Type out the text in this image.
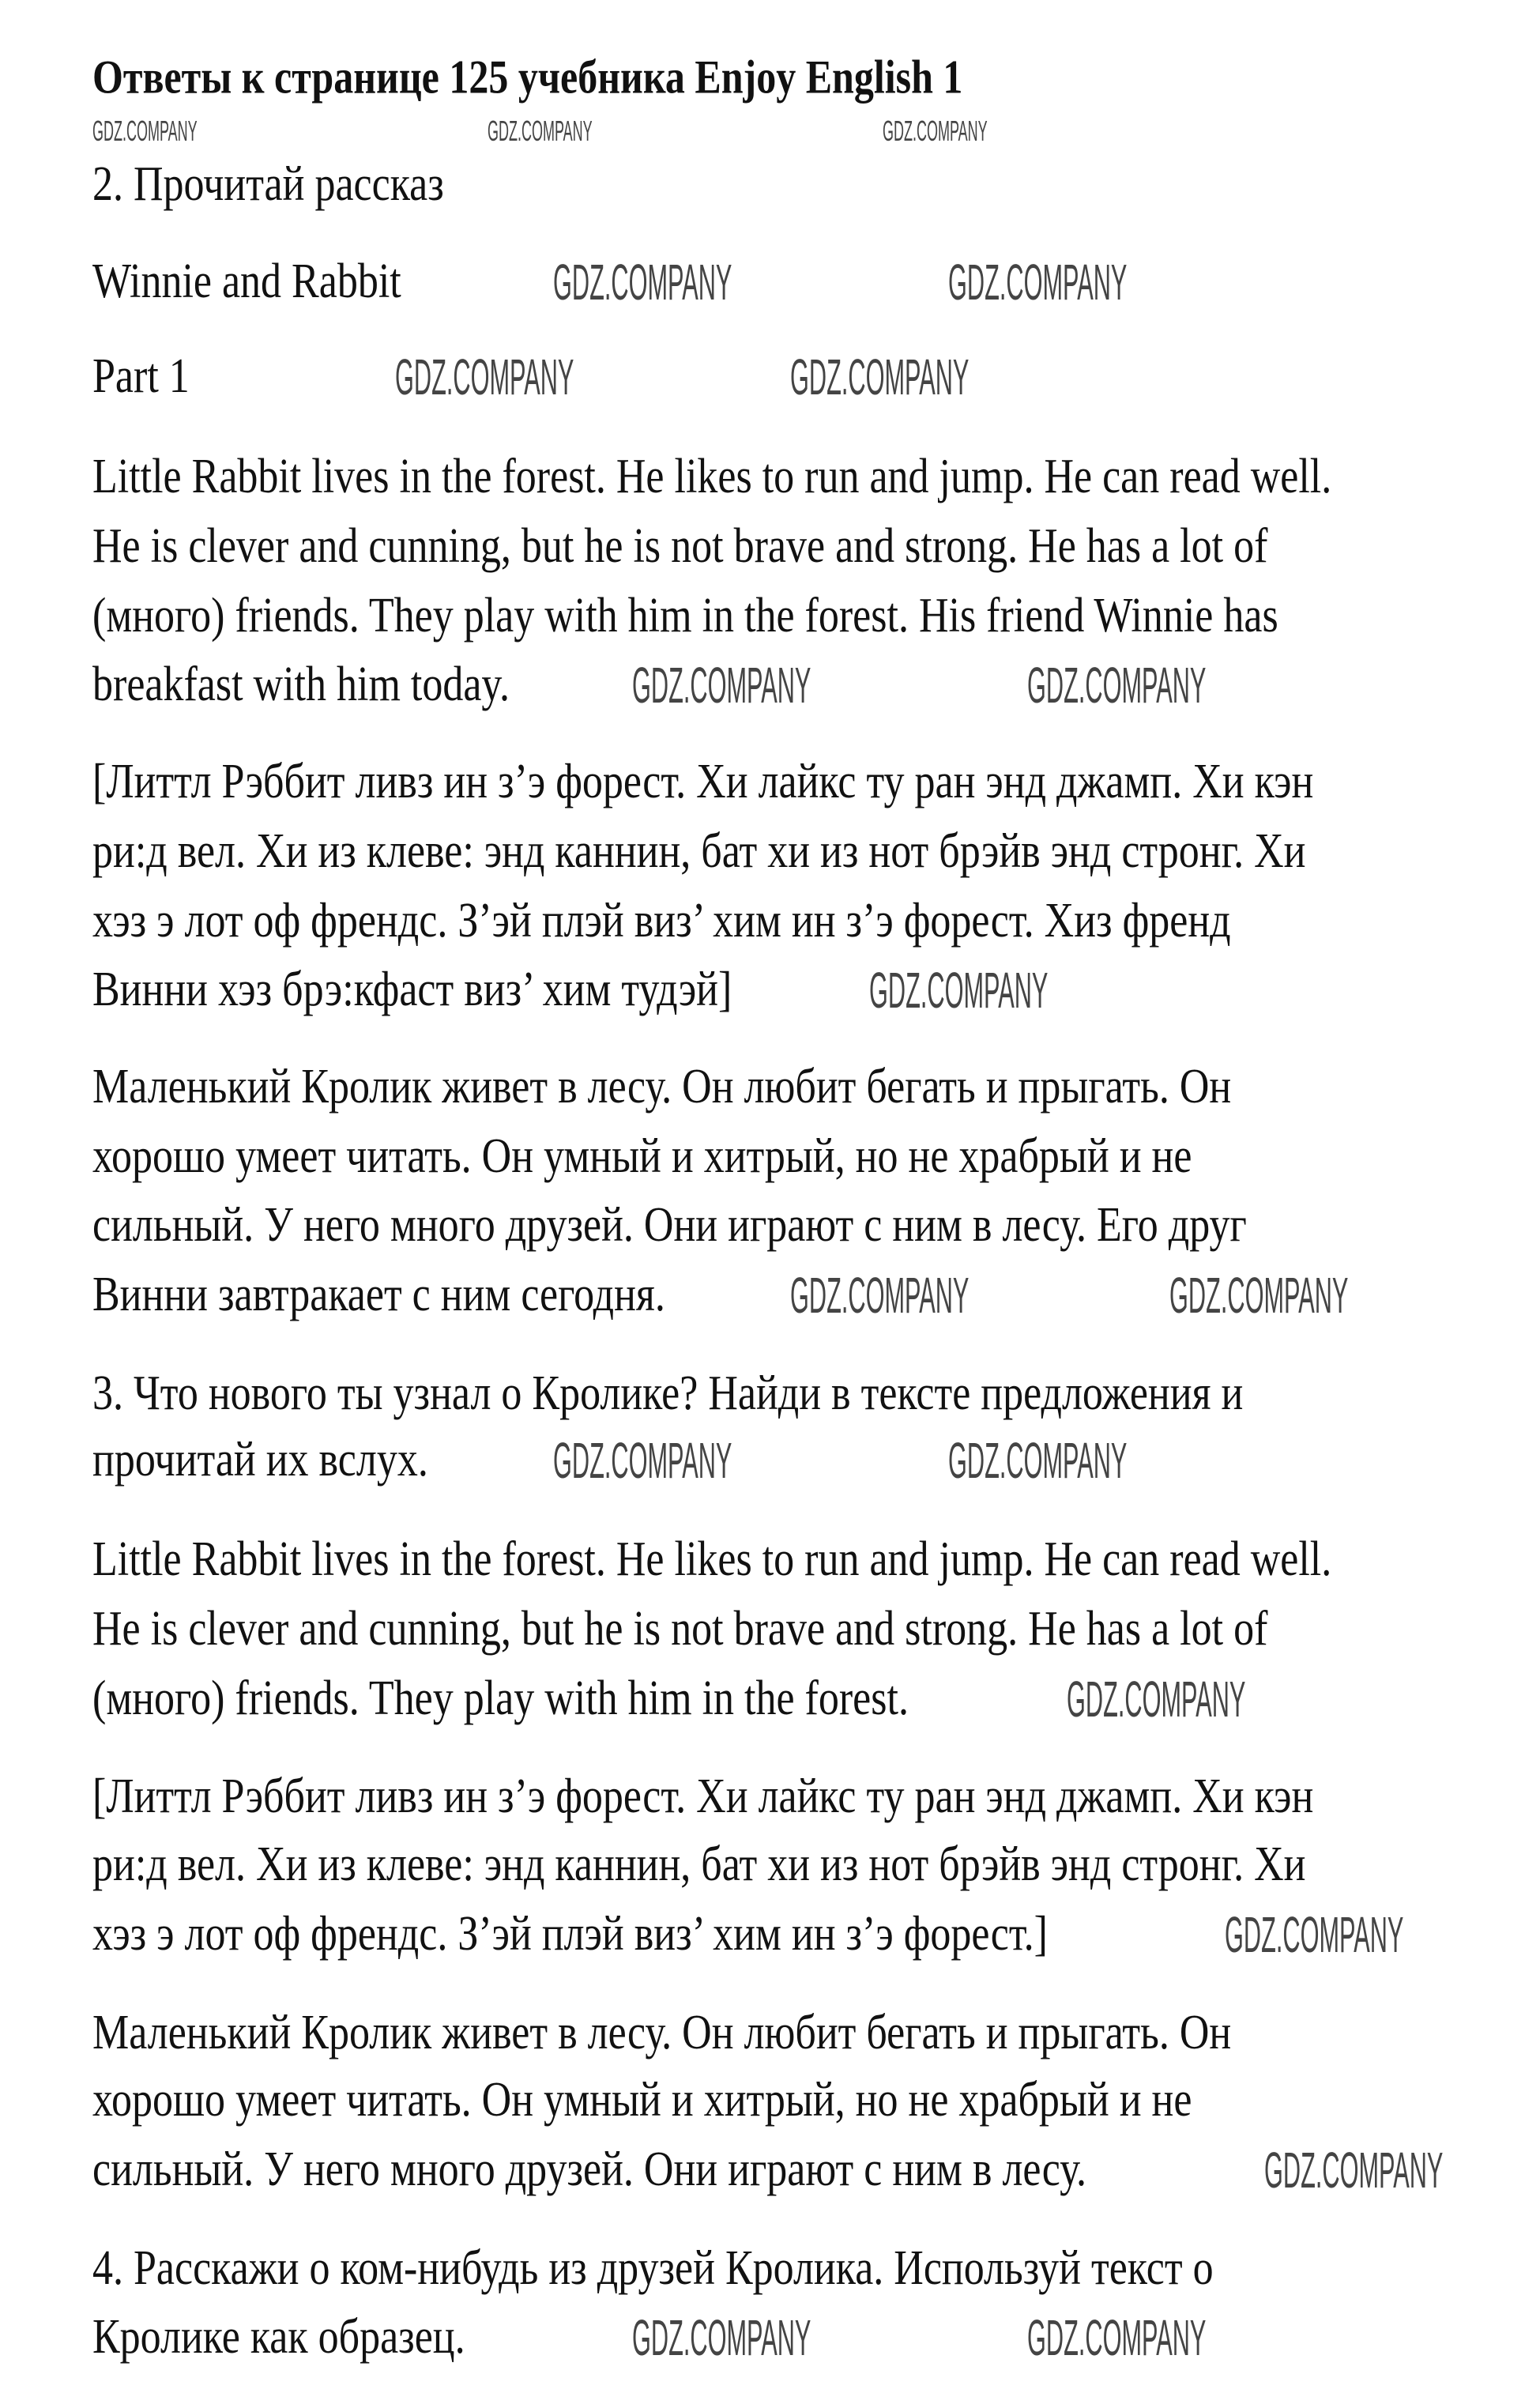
Ответы к странице 125 учебника Enjoy English 1
2. Прочитай рассказ
Winnie and Rabbit
Part 1
Little Rabbit lives in the forest. He likes to run and jump. He can read well.
He is clever and cunning, but he is not brave and strong. He has a lot of
(много) friends. They play with him in the forest. His friend Winnie has
breakfast with him today.
[Литтл Рэббит ливз ин з’э форест. Хи лайкс ту ран энд джамп. Хи кэн
ри:д вел. Хи из клеве: энд каннин, бат хи из нот брэйв энд стронг. Хи
хэз э лот оф френдс. З’эй плэй виз’ хим ин з’э форест. Хиз френд
Винни хэз брэ:кфаст виз’ хим тудэй]
Маленький Кролик живет в лесу. Он любит бегать и прыгать. Он
хорошо умеет читать. Он умный и хитрый, но не храбрый и не
сильный. У него много друзей. Они играют с ним в лесу. Его друг
Винни завтракает с ним сегодня.
3. Что нового ты узнал о Кролике? Найди в тексте предложения и
прочитай их вслух.
Little Rabbit lives in the forest. He likes to run and jump. He can read well.
He is clever and cunning, but he is not brave and strong. He has a lot of
(много) friends. They play with him in the forest.
[Литтл Рэббит ливз ин з’э форест. Хи лайкс ту ран энд джамп. Хи кэн
ри:д вел. Хи из клеве: энд каннин, бат хи из нот брэйв энд стронг. Хи
хэз э лот оф френдс. З’эй плэй виз’ хим ин з’э форест.]
Маленький Кролик живет в лесу. Он любит бегать и прыгать. Он
хорошо умеет читать. Он умный и хитрый, но не храбрый и не
сильный. У него много друзей. Они играют с ним в лесу.
4. Расскажи о ком-нибудь из друзей Кролика. Используй текст о
Кролике как образец.
GDZ.COMPANY	GDZ.COMPANY	GDZ.COMPANY
GDZ.COMPANY	GDZ.COMPANY
GDZ.COMPANY	GDZ.COMPANY
GDZ.COMPANY	GDZ.COMPANY
GDZ.COMPANY
GDZ.COMPANY	GDZ.COMPANY
GDZ.COMPANY	GDZ.COMPANY
GDZ.COMPANY
GDZ.COMPANY
GDZ.COMPANY
GDZ.COMPANY	GDZ.COMPANY
